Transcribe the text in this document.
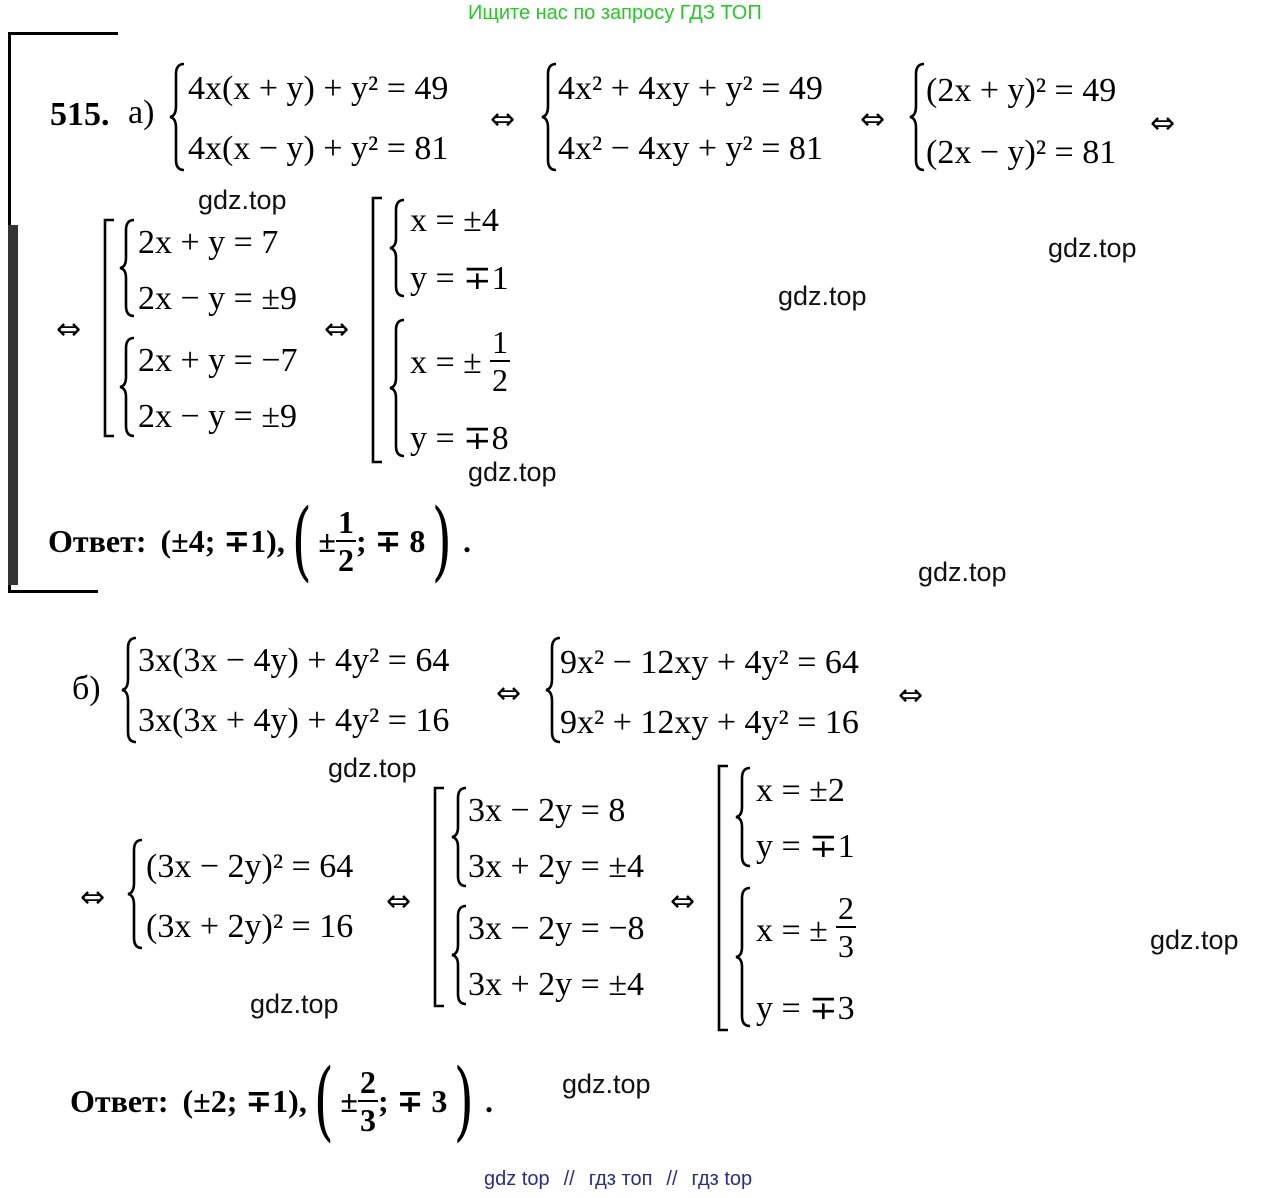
Ищите нас по запросу ГДЗ ТОП
515. а)
4x(x + y) + y² = 49
4x(x − y) + y² = 81
⇔
4x² + 4xy + y² = 49
4x² − 4xy + y² = 81
⇔
(2x + y)² = 49
(2x − y)² = 81
⇔
⇔
2x + y = 7
2x − y = ±9
2x + y = −7
2x − y = ±9
⇔
x = ±4
y = ∓1
x = ± $\frac{1}{2}$
y = ∓8
Ответ: (±4; ∓1), ( ± $\frac{1}{2}$ ; ∓ 8 ) .
б)
3x(3x − 4y) + 4y² = 64
3x(3x + 4y) + 4y² = 16
⇔
9x² − 12xy + 4y² = 64
9x² + 12xy + 4y² = 16
⇔
⇔
(3x − 2y)² = 64
(3x + 2y)² = 16
⇔
3x − 2y = 8
3x + 2y = ±4
3x − 2y = −8
3x + 2y = ±4
⇔
x = ±2
y = ∓1
x = ± $\frac{2}{3}$
y = ∓3
Ответ: (±2; ∓1), ( ± $\frac{2}{3}$ ; ∓ 3 ) .
gdz.top
gdz.top
gdz.top
gdz.top
gdz.top
gdz.top
gdz.top
gdz.top
gdz.top
gdz top // гдз топ // гдз top
